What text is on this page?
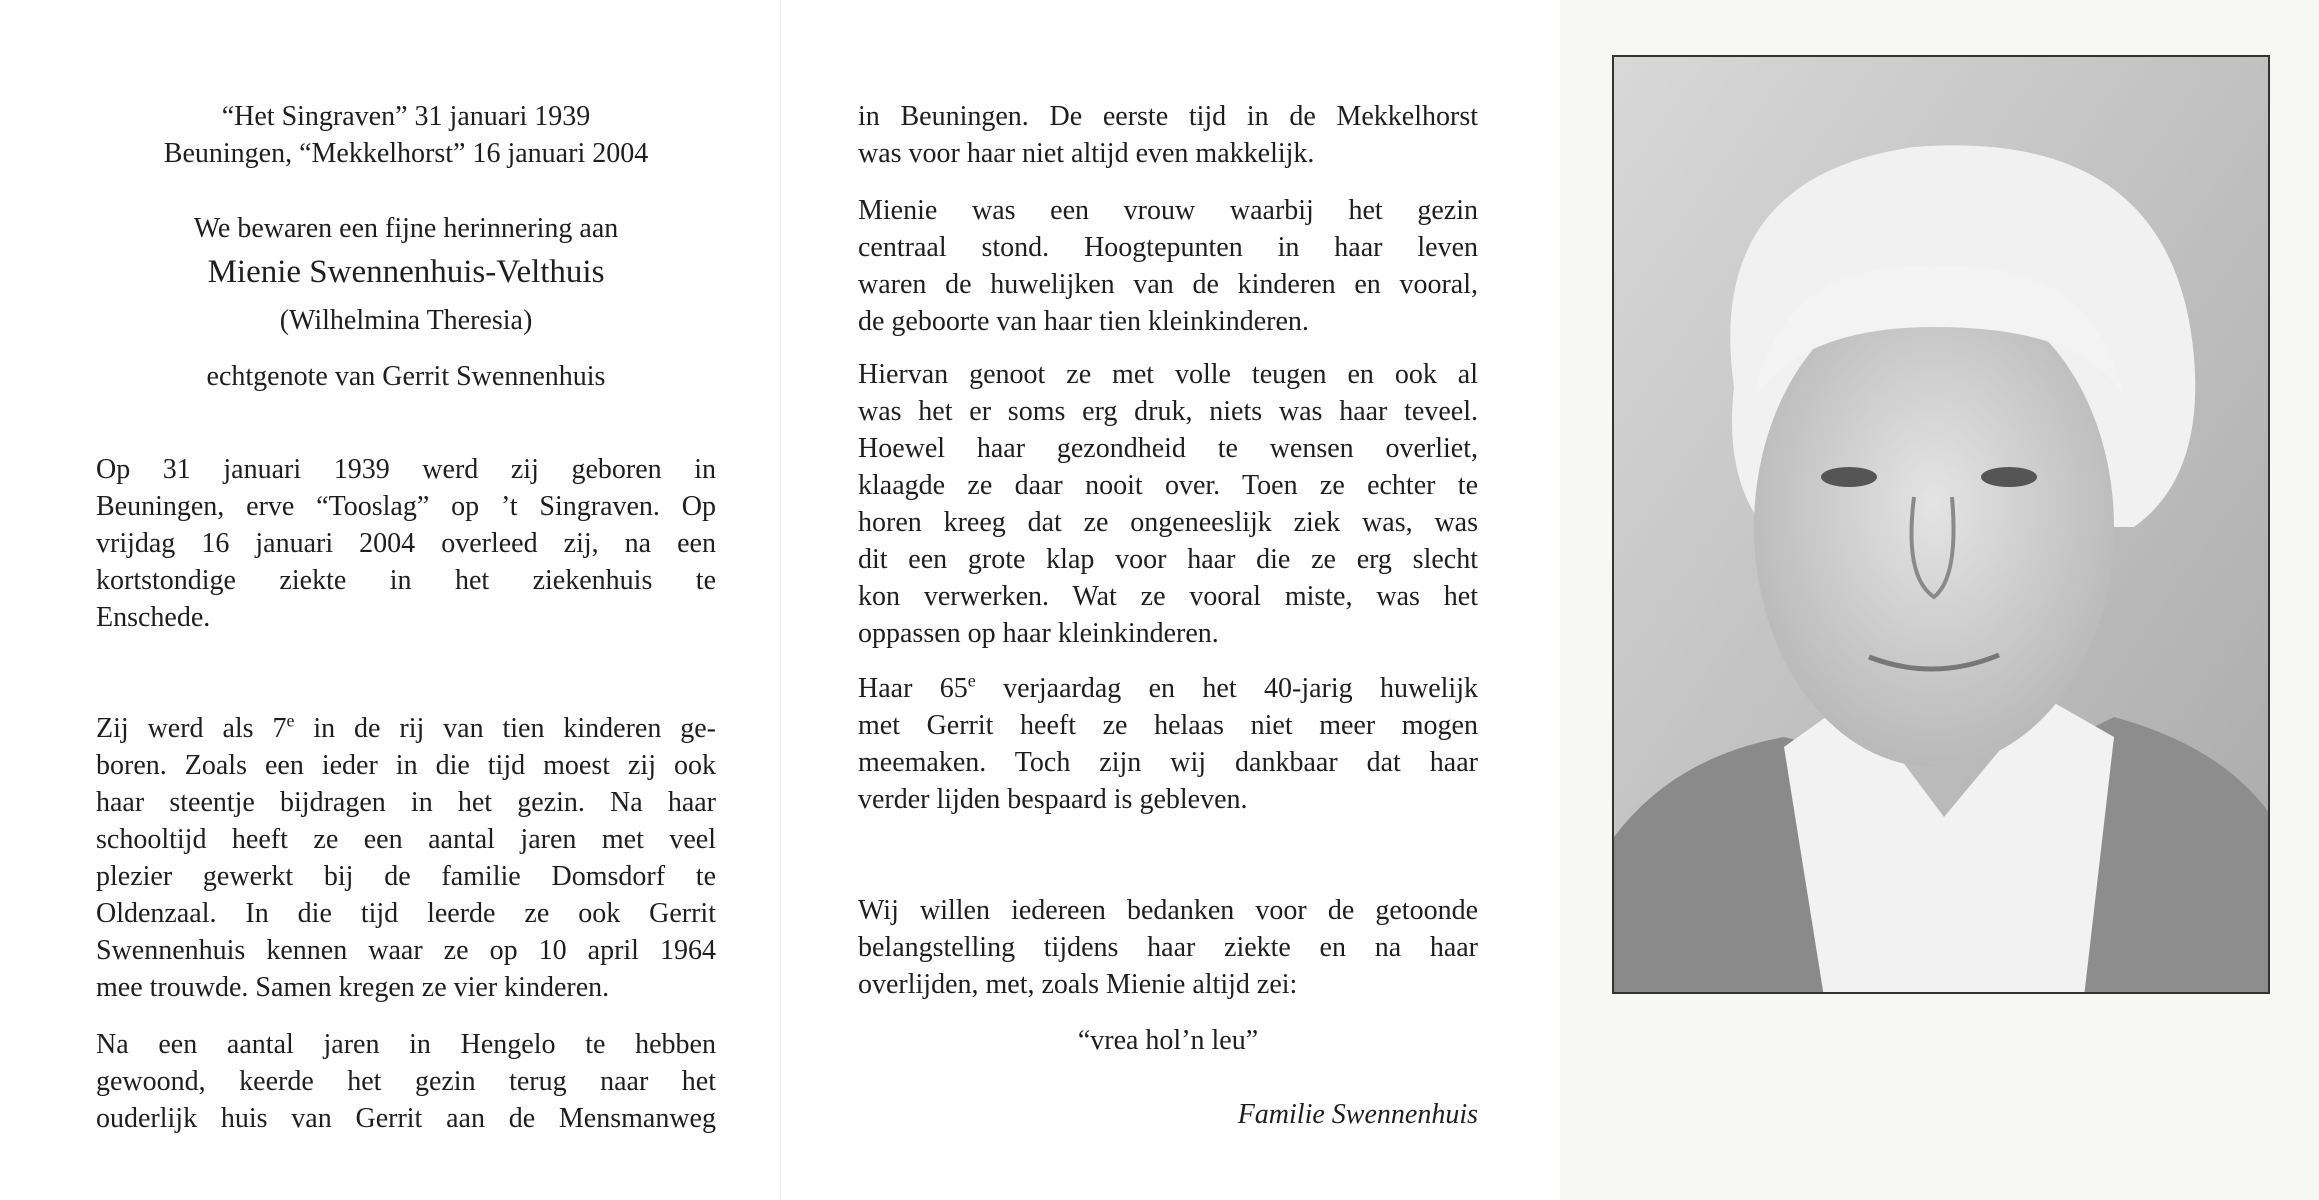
“Het Singraven” 31 januari 1939
Beuningen, “Mekkelhorst” 16 januari 2004
We bewaren een fijne herinnering aan
Mienie Swennenhuis-Velthuis
(Wilhelmina Theresia)
echtgenote van Gerrit Swennenhuis
Op 31 januari 1939 werd zij geboren in
Beuningen, erve “Tooslag” op ’t Singraven. Op
vrijdag 16 januari 2004 overleed zij, na een
kortstondige ziekte in het ziekenhuis te
Enschede.
Zij werd als 7e in de rij van tien kinderen ge-
boren. Zoals een ieder in die tijd moest zij ook
haar steentje bijdragen in het gezin. Na haar
schooltijd heeft ze een aantal jaren met veel
plezier gewerkt bij de familie Domsdorf te
Oldenzaal. In die tijd leerde ze ook Gerrit
Swennenhuis kennen waar ze op 10 april 1964
mee trouwde. Samen kregen ze vier kinderen.
Na een aantal jaren in Hengelo te hebben
gewoond, keerde het gezin terug naar het
ouderlijk huis van Gerrit aan de Mensmanweg
in Beuningen. De eerste tijd in de Mekkelhorst
was voor haar niet altijd even makkelijk.
Mienie was een vrouw waarbij het gezin
centraal stond. Hoogtepunten in haar leven
waren de huwelijken van de kinderen en vooral,
de geboorte van haar tien kleinkinderen.
Hiervan genoot ze met volle teugen en ook al
was het er soms erg druk, niets was haar teveel.
Hoewel haar gezondheid te wensen overliet,
klaagde ze daar nooit over. Toen ze echter te
horen kreeg dat ze ongeneeslijk ziek was, was
dit een grote klap voor haar die ze erg slecht
kon verwerken. Wat ze vooral miste, was het
oppassen op haar kleinkinderen.
Haar 65e verjaardag en het 40-jarig huwelijk
met Gerrit heeft ze helaas niet meer mogen
meemaken. Toch zijn wij dankbaar dat haar
verder lijden bespaard is gebleven.
Wij willen iedereen bedanken voor de getoonde
belangstelling tijdens haar ziekte en na haar
overlijden, met, zoals Mienie altijd zei:
“vrea hol’n leu”
Familie Swennenhuis
